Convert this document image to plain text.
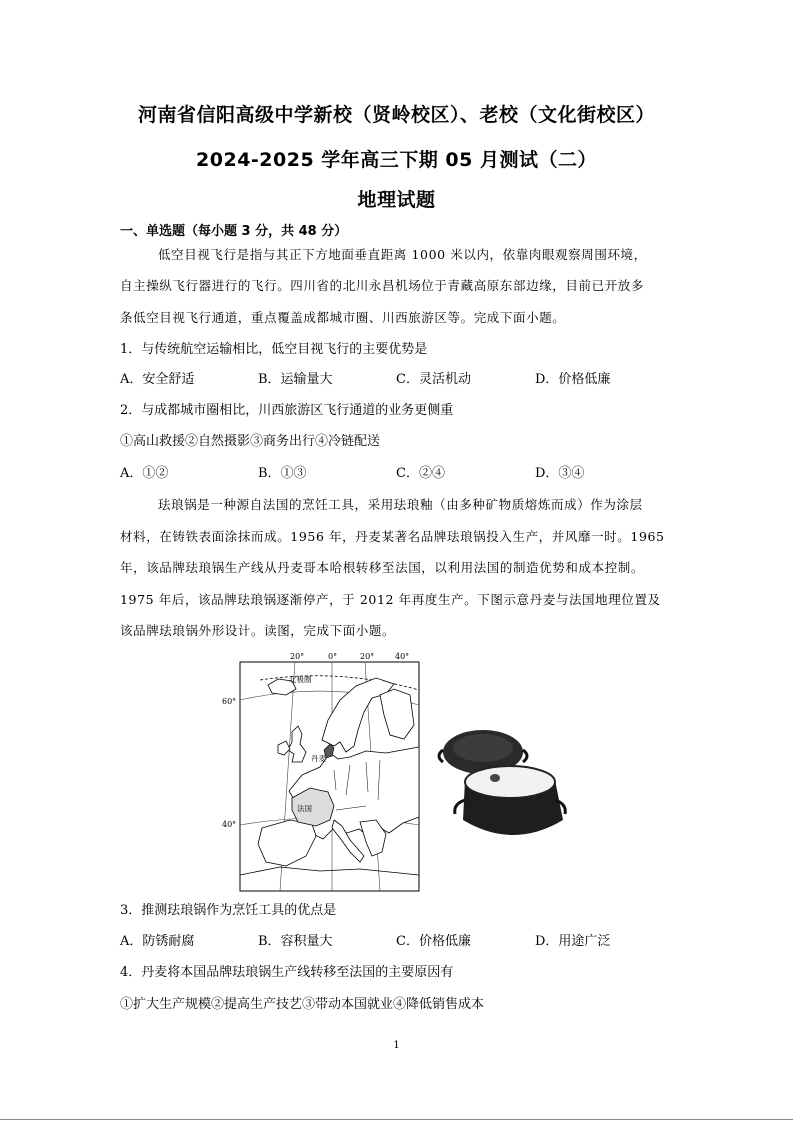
河南省信阳高级中学新校（贤岭校区）、老校（文化街校区）
2024-2025 学年高三下期 05 月测试（二）
地理试题
一、单选题（每小题 3 分，共 48 分）
低空目视飞行是指与其正下方地面垂直距离 1000 米以内，依靠肉眼观察周围环境，
自主操纵飞行器进行的飞行。四川省的北川永昌机场位于青藏高原东部边缘，目前已开放多
条低空目视飞行通道，重点覆盖成都城市圈、川西旅游区等。完成下面小题。
1．与传统航空运输相比，低空目视飞行的主要优势是
A．安全舒适	B．运输量大	C．灵活机动	D．价格低廉
2．与成都城市圈相比，川西旅游区飞行通道的业务更侧重
①高山救援②自然摄影③商务出行④冷链配送
A．①②	B．①③	C．②④	D．③④
珐琅锅是一种源自法国的烹饪工具，采用珐琅釉（由多种矿物质熔炼而成）作为涂层
材料，在铸铁表面涂抹而成。1956 年，丹麦某著名品牌珐琅锅投入生产，并风靡一时。1965
年，该品牌珐琅锅生产线从丹麦哥本哈根转移至法国，以利用法国的制造优势和成本控制。
1975 年后，该品牌珐琅锅逐渐停产，于 2012 年再度生产。下图示意丹麦与法国地理位置及
该品牌珐琅锅外形设计。读图，完成下面小题。
20°	0°	20°	40°
60°
40°
北极圈
丹麦
法国
3．推测珐琅锅作为烹饪工具的优点是
A．防锈耐腐	B．容积量大	C．价格低廉	D．用途广泛
4．丹麦将本国品牌珐琅锅生产线转移至法国的主要原因有
①扩大生产规模②提高生产技艺③带动本国就业④降低销售成本
1
